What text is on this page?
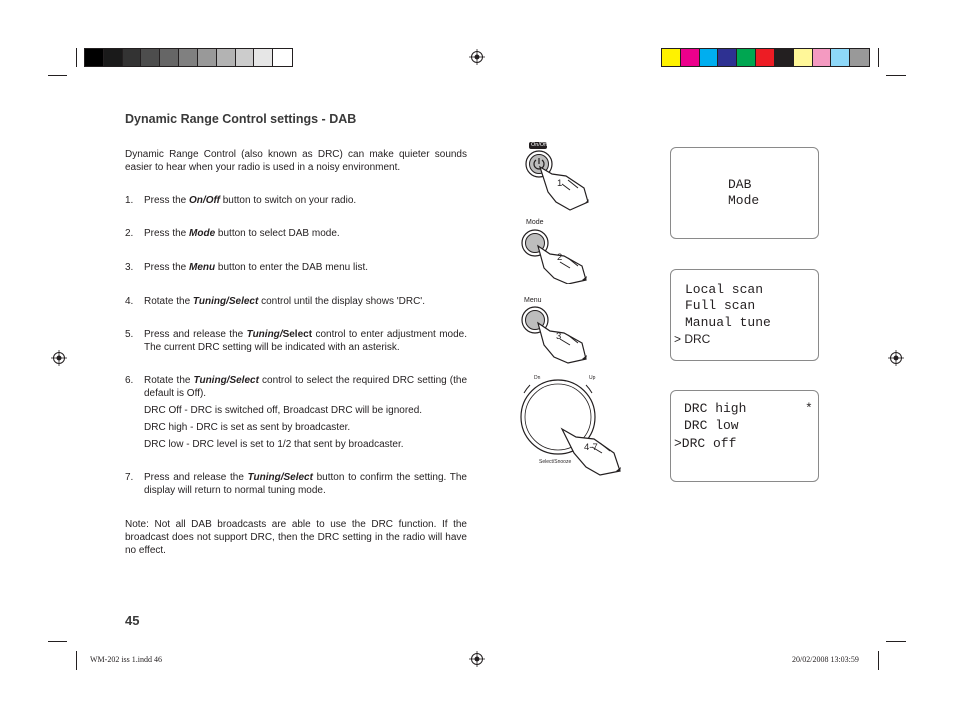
Dynamic Range Control settings - DAB
Dynamic Range Control (also known as DRC) can make quieter sounds easier to hear when your radio is used in a noisy environment.
1. Press the On/Off button to switch on your radio.
2. Press the Mode button to select DAB mode.
3. Press the Menu button to enter the DAB menu list.
4. Rotate the Tuning/Select control until the display shows 'DRC'.
5. Press and release the Tuning/Select control to enter adjustment mode. The current DRC setting will be indicated with an asterisk.
6. Rotate the Tuning/Select control to select the required DRC setting (the default is Off).
DRC Off - DRC is switched off, Broadcast DRC will be ignored.
DRC high - DRC is set as sent by broadcaster.
DRC low - DRC level is set to 1/2 that sent by broadcaster.
7. Press and release the Tuning/Select button to confirm the setting. The display will return to normal tuning mode.
Note: Not all DAB broadcasts are able to use the DRC function. If the broadcast does not support DRC, then the DRC setting in the radio will have no effect.
45
WM-202 iss 1.indd 46	20/02/2008 13:03:59
On/Off
1
Mode
2
Menu
3
Dn	Up
Select/Snooze
4-7
DAB
Mode
Local scan
Full scan
Manual tune
> DRC
DRC high	*
DRC low
>DRC off
